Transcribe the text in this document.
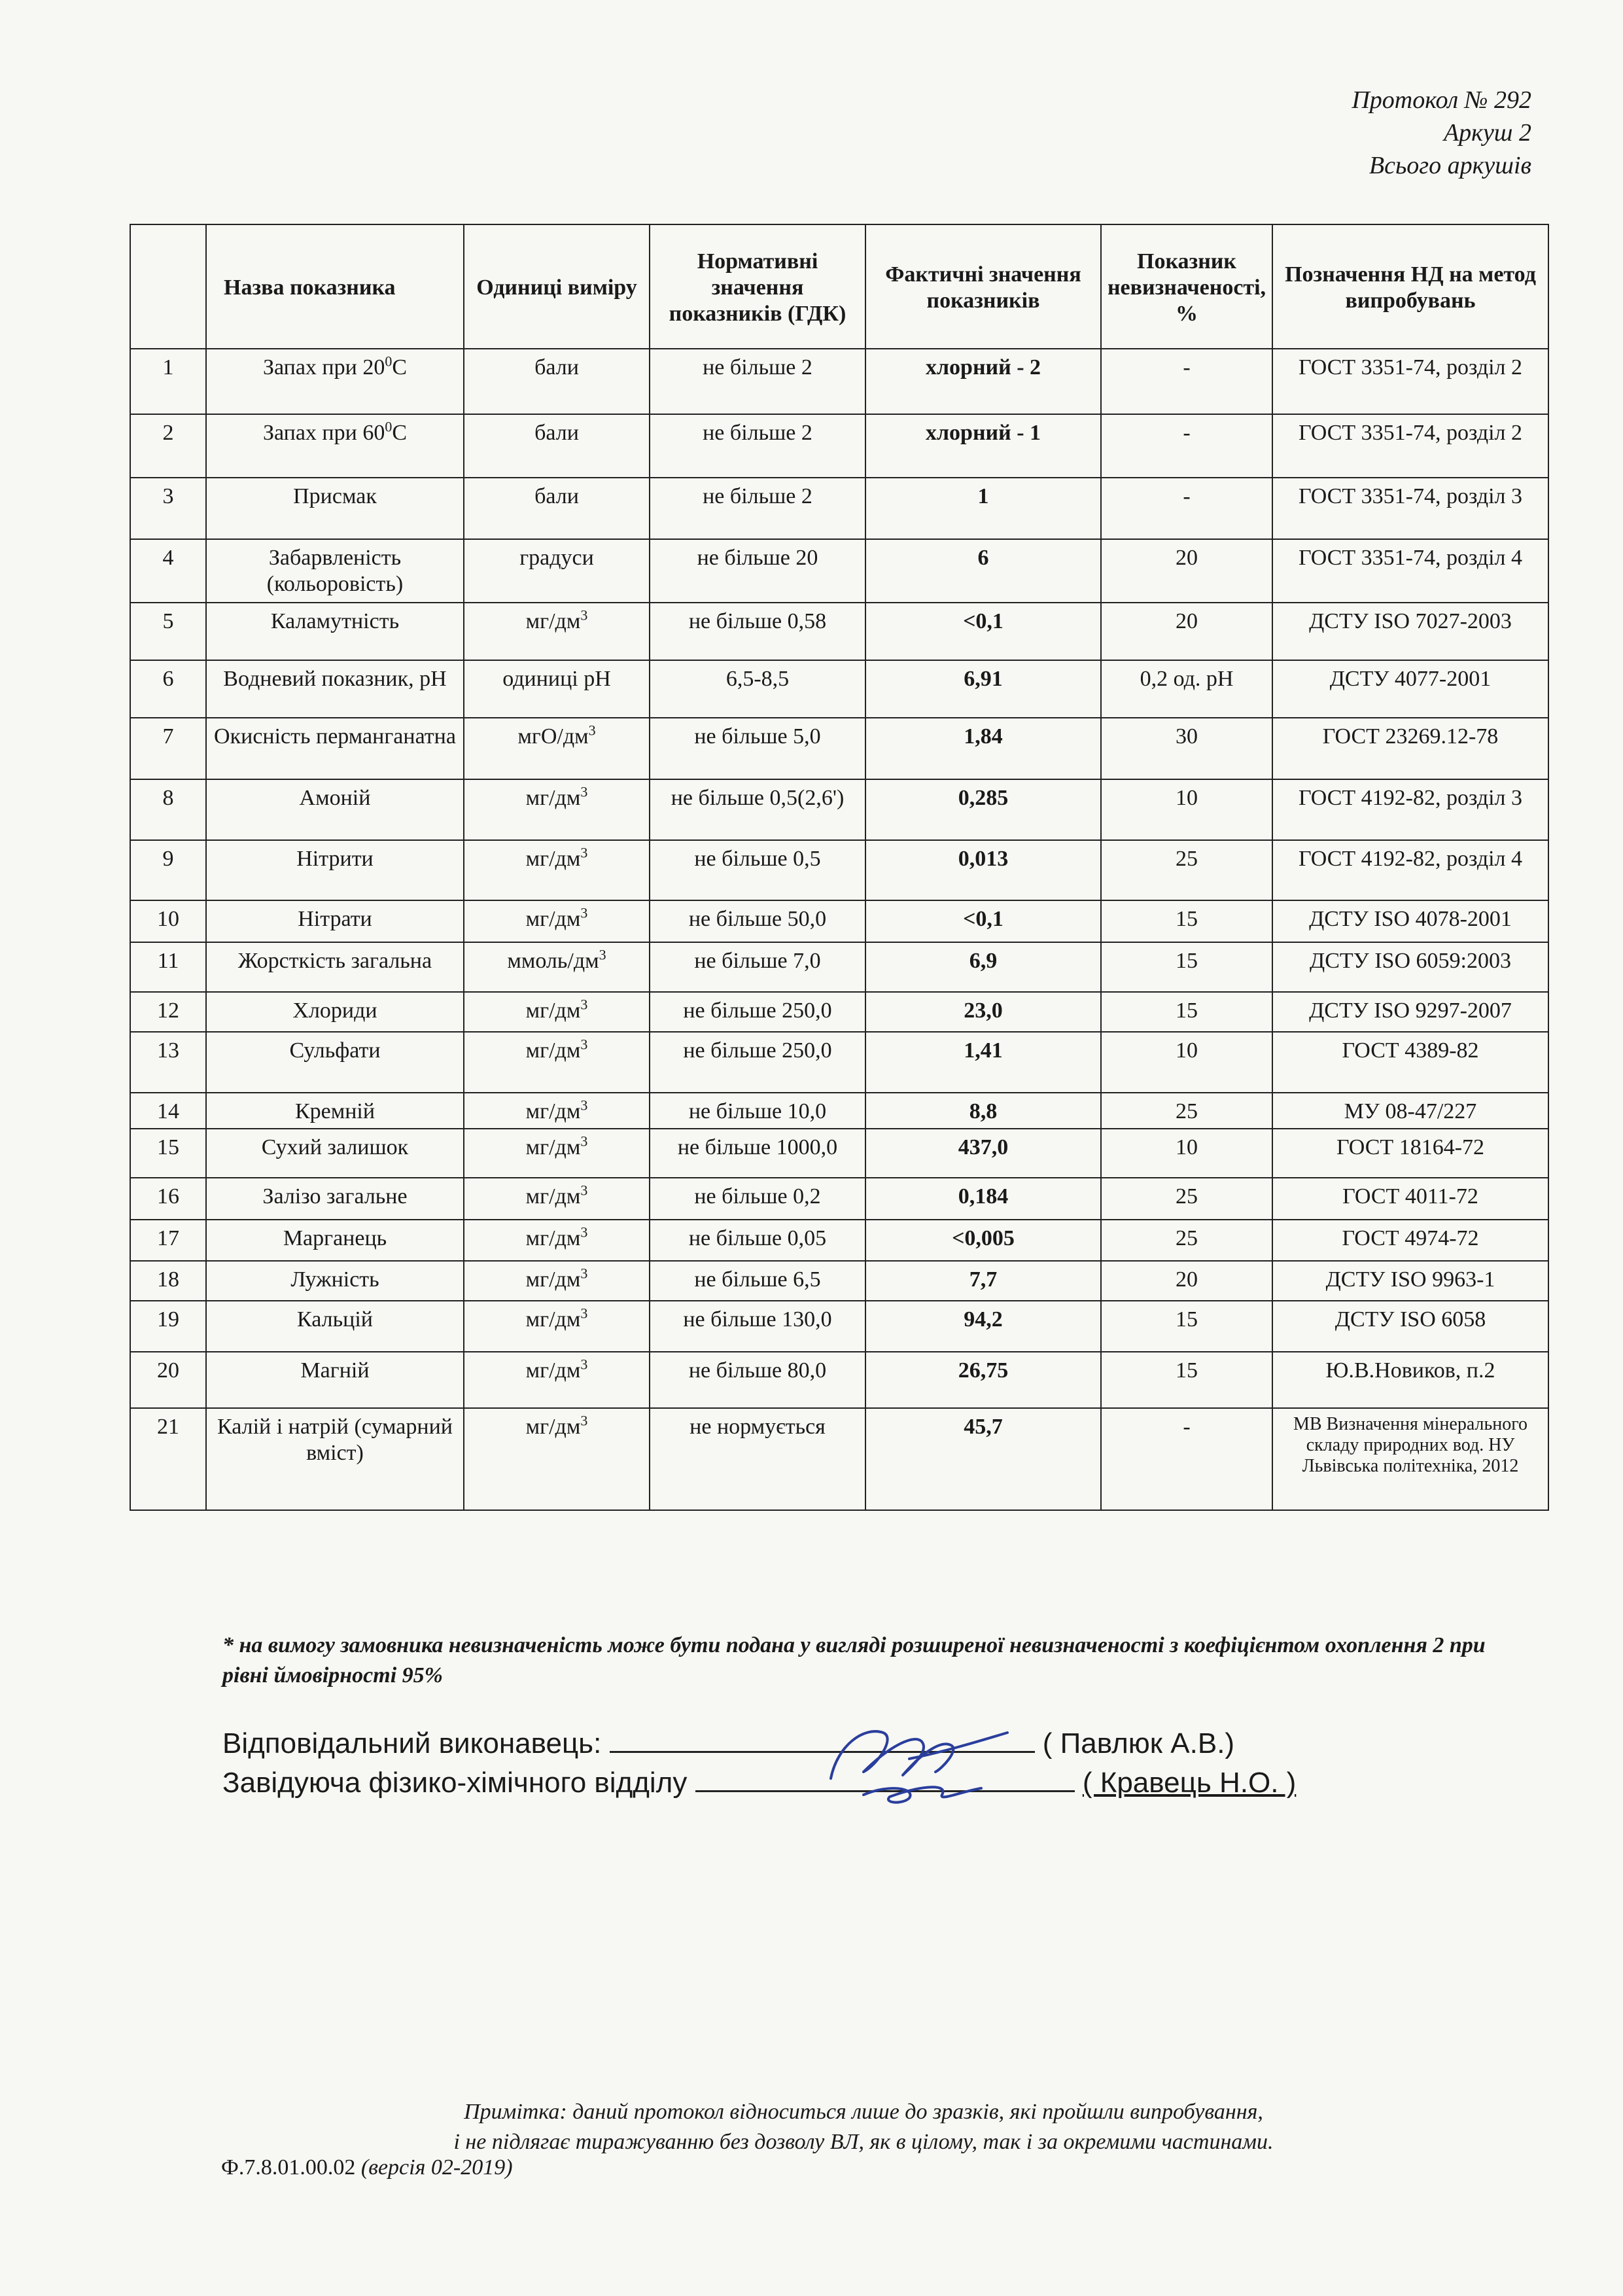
Протокол № 292
Аркуш 2
Всього аркушів
	Назва показника	Одиниці виміру	Нормативні значення показників (ГДК)	Фактичні значення показників	Показник невизначеності, %	Позначення НД на метод випробувань
1	Запах при $20^0С$	бали	не більше 2	хлорний - 2	-	ГОСТ 3351-74, розділ 2
2	Запах при $60^0С$	бали	не більше 2	хлорний - 1	-	ГОСТ 3351-74, розділ 2
3	Присмак	бали	не більше 2	1	-	ГОСТ 3351-74, розділ 3
4	Забарвленість (кольоровість)	градуси	не більше 20	6	20	ГОСТ 3351-74, розділ 4
5	Каламутність	$мг/дм^3$	не більше 0,58	<0,1	20	ДСТУ ISO 7027-2003
6	Водневий показник, рН	одиниці рН	6,5-8,5	6,91	0,2 од. рН	ДСТУ 4077-2001
7	Окисність перманганатна	мгО/$дм^3$	не більше 5,0	1,84	30	ГОСТ 23269.12-78
8	Амоній	$мг/дм^3$	не більше 0,5(2,6')	0,285	10	ГОСТ 4192-82, розділ 3
9	Нітрити	$мг/дм^3$	не більше 0,5	0,013	25	ГОСТ 4192-82, розділ 4
10	Нітрати	$мг/дм^3$	не більше 50,0	<0,1	15	ДСТУ ISO 4078-2001
11	Жорсткість загальна	ммоль/$дм^3$	не більше 7,0	6,9	15	ДСТУ ISO 6059:2003
12	Хлориди	$мг/дм^3$	не більше 250,0	23,0	15	ДСТУ ISO 9297-2007
13	Сульфати	$мг/дм^3$	не більше 250,0	1,41	10	ГОСТ 4389-82
14	Кремній	$мг/дм^3$	не більше 10,0	8,8	25	МУ 08-47/227
15	Сухий залишок	$мг/дм^3$	не більше 1000,0	437,0	10	ГОСТ 18164-72
16	Залізо загальне	$мг/дм^3$	не більше 0,2	0,184	25	ГОСТ 4011-72
17	Марганець	$мг/дм^3$	не більше 0,05	<0,005	25	ГОСТ 4974-72
18	Лужність	$мг/дм^3$	не більше 6,5	7,7	20	ДСТУ ISO 9963-1
19	Кальцій	$мг/дм^3$	не більше 130,0	94,2	15	ДСТУ ISO 6058
20	Магній	$мг/дм^3$	не більше 80,0	26,75	15	Ю.В.Новиков, п.2
21	Калій і натрій (сумарний вміст)	$мг/дм^3$	не нормується	45,7	-	МВ Визначення мінерального складу природних вод. НУ Львівська політехніка, 2012
* на вимогу замовника невизначеність може бути подана у вигляді розширеної невизначеності з коефіцієнтом охоплення 2 при рівні ймовірності 95%
Відповідальний виконавець:	( Павлюк А.В.)
Завідуюча фізико-хімічного відділу	( Кравець Н.О. )
Примітка: даний протокол відноситься лише до зразків, які пройшли випробування,
і не підлягає тиражуванню без дозволу ВЛ, як в цілому, так і за окремими частинами.
Ф.7.8.01.00.02 (версія 02-2019)
